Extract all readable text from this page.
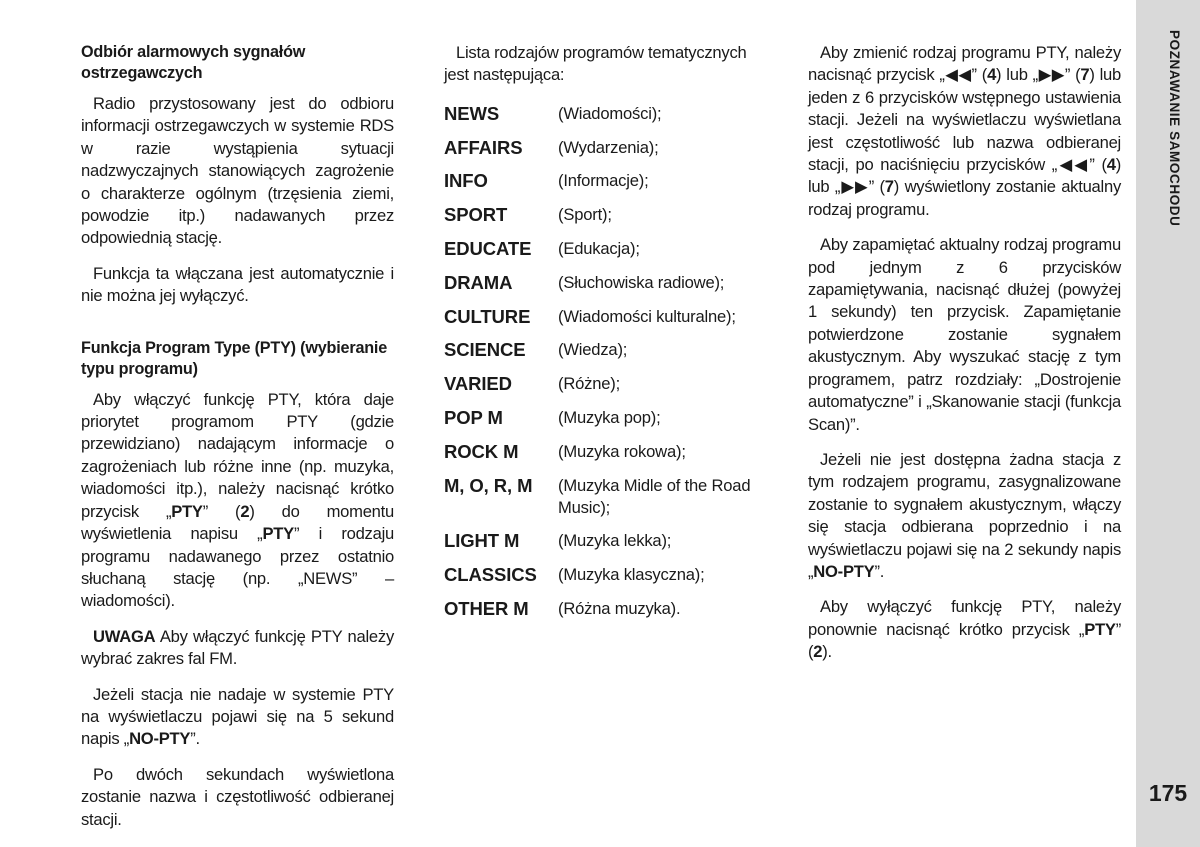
Odbiór alarmowych sygnałów ostrzegawczych

Radio przystosowany jest do odbioru informacji ostrzegawczych w systemie RDS w razie wystąpienia sytuacji nadzwyczajnych stanowiących zagrożenie o charakterze ogólnym (trzęsienia ziemi, powodzie itp.) nadawanych przez odpowiednią stację.

Funkcja ta włączana jest automatycznie i nie można jej wyłączyć.

Funkcja Program Type (PTY) (wybieranie typu programu)

Aby włączyć funkcję PTY, która daje priorytet programom PTY (gdzie przewidziano) nadającym informacje o zagrożeniach lub różne inne (np. muzyka, wiadomości itp.), należy nacisnąć krótko przycisk „PTY” (2) do momentu wyświetlenia napisu „PTY” i rodzaju programu nadawanego przez ostatnio słuchaną stację (np. „NEWS” – wiadomości).

UWAGA Aby włączyć funkcję PTY należy wybrać zakres fal FM.

Jeżeli stacja nie nadaje w systemie PTY na wyświetlaczu pojawi się na 5 sekund napis „NO-PTY”.

Po dwóch sekundach wyświetlona zostanie nazwa i częstotliwość odbieranej stacji.

Lista rodzajów programów tematycznych jest następująca:

NEWS	(Wiadomości);
AFFAIRS	(Wydarzenia);
INFO	(Informacje);
SPORT	(Sport);
EDUCATE	(Edukacja);
DRAMA	(Słuchowiska radiowe);
CULTURE	(Wiadomości kulturalne);
SCIENCE	(Wiedza);
VARIED	(Różne);
POP M	(Muzyka pop);
ROCK M	(Muzyka rokowa);
M, O, R, M	(Muzyka Midle of the Road Music);
LIGHT M	(Muzyka lekka);
CLASSICS	(Muzyka klasyczna);
OTHER M	(Różna muzyka).

Aby zmienić rodzaj programu PTY, należy nacisnąć przycisk „◀◀” (4) lub „▶▶” (7) lub jeden z 6 przycisków wstępnego ustawienia stacji. Jeżeli na wyświetlaczu wyświetlana jest częstotliwość lub nazwa odbieranej stacji, po naciśnięciu przycisków „◀◀” (4) lub „▶▶” (7) wyświetlony zostanie aktualny rodzaj programu.

Aby zapamiętać aktualny rodzaj programu pod jednym z 6 przycisków zapamiętywania, nacisnąć dłużej (powyżej 1 sekundy) ten przycisk. Zapamiętanie potwierdzone zostanie sygnałem akustycznym. Aby wyszukać stację z tym programem, patrz rozdziały: „Dostrojenie automatyczne” i „Skanowanie stacji (funkcja Scan)”.

Jeżeli nie jest dostępna żadna stacja z tym rodzajem programu, zasygnalizowane zostanie to sygnałem akustycznym, włączy się stacja odbierana poprzednio i na wyświetlaczu pojawi się na 2 sekundy napis „NO-PTY”.

Aby wyłączyć funkcję PTY, należy ponownie nacisnąć krótko przycisk „PTY” (2).

POZNAWANIE SAMOCHODU
175
